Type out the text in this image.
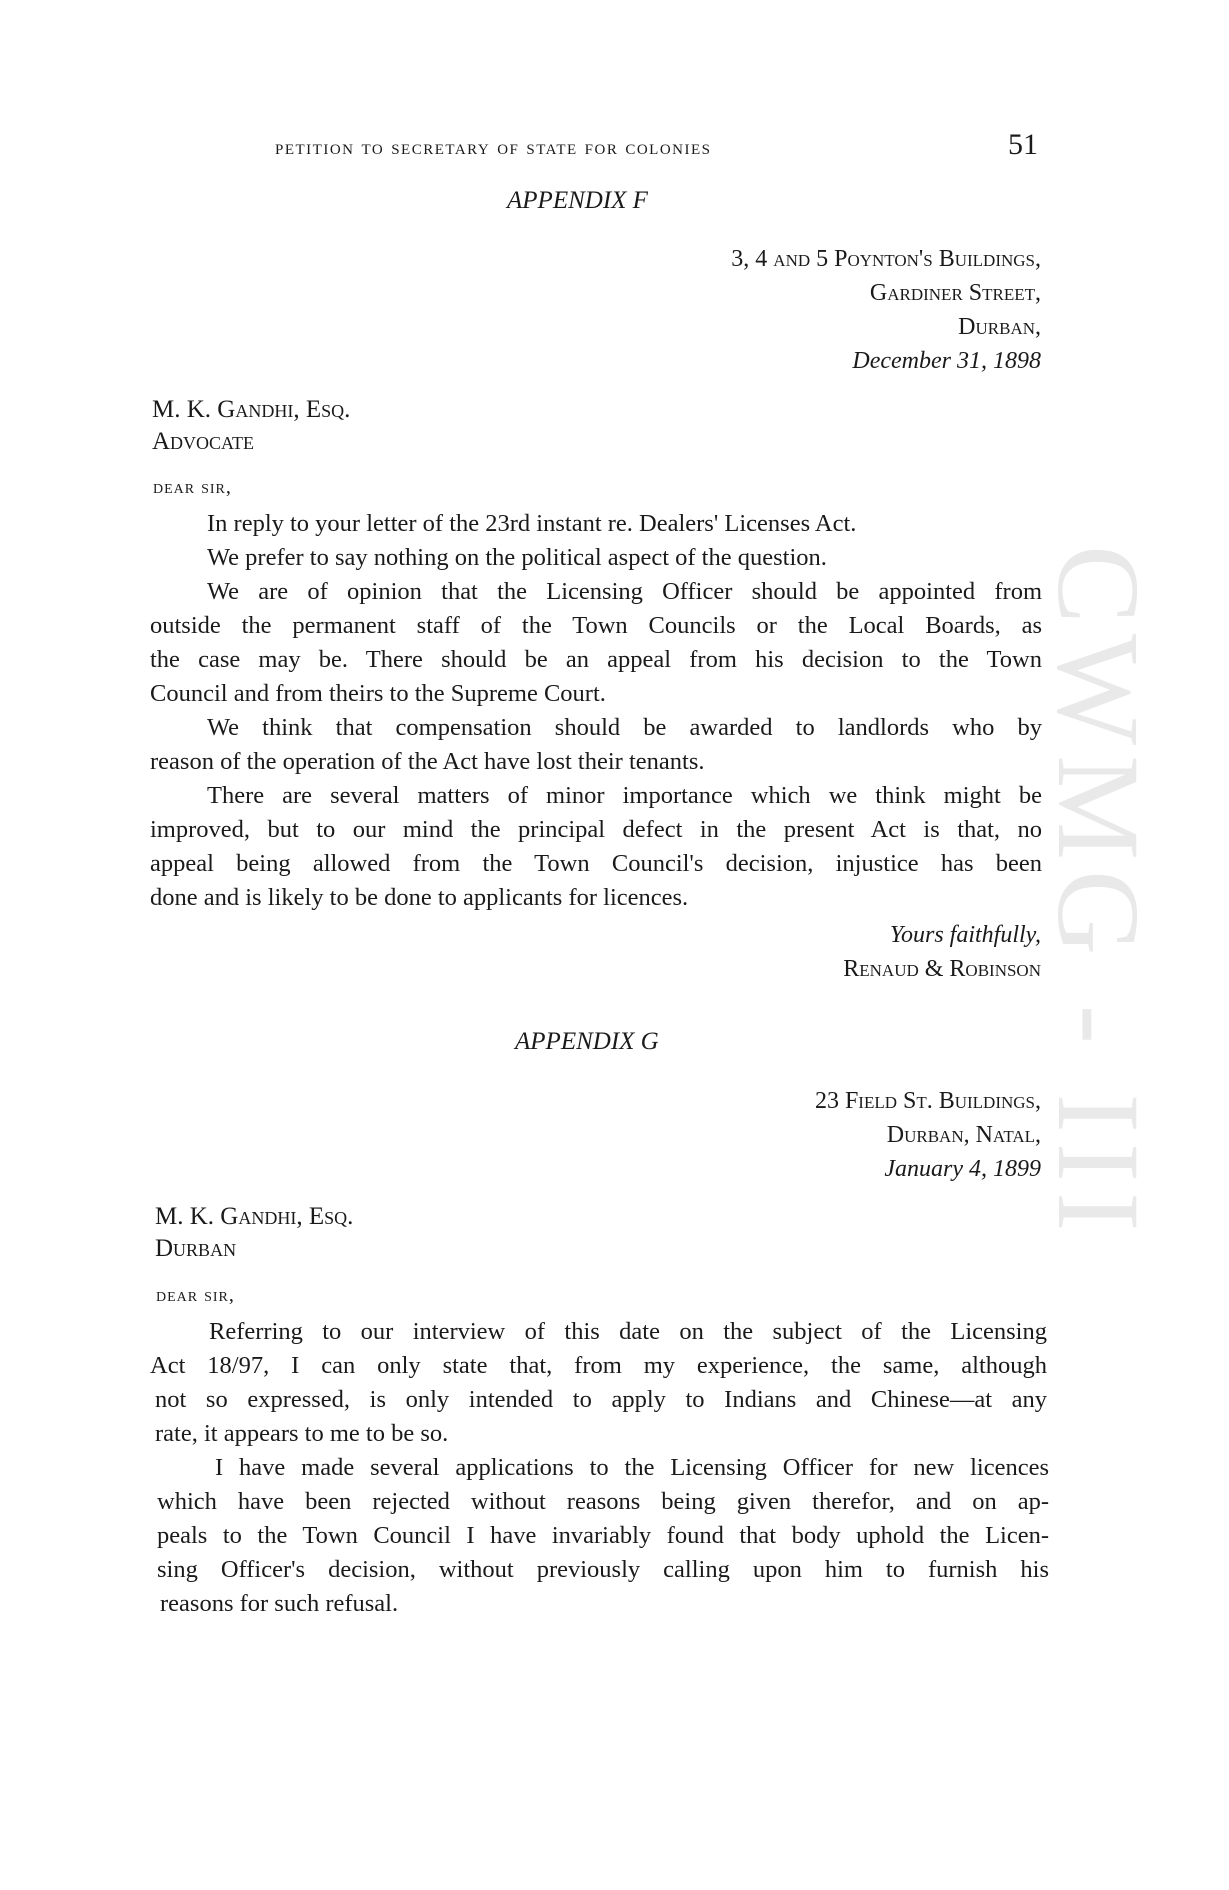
CWMG - III
petition to secretary of state for colonies	51
APPENDIX F
3, 4 and 5 Poynton's Buildings,
Gardiner Street,
Durban,
December 31, 1898
M. K. Gandhi, Esq.
Advocate
dear sir,
In reply to your letter of the 23rd instant re. Dealers' Licenses Act.
We prefer to say nothing on the political aspect of the question.
We are of opinion that the Licensing Officer should be appointed from
outside the permanent staff of the Town Councils or the Local Boards, as
the case may be. There should be an appeal from his decision to the Town
Council and from theirs to the Supreme Court.
We think that compensation should be awarded to landlords who by
reason of the operation of the Act have lost their tenants.
There are several matters of minor importance which we think might be
improved, but to our mind the principal defect in the present Act is that, no
appeal being allowed from the Town Council's decision, injustice has been
done and is likely to be done to applicants for licences.
Yours faithfully,
Renaud & Robinson
APPENDIX G
23 Field St. Buildings,
Durban, Natal,
January 4, 1899
M. K. Gandhi, Esq.
Durban
dear sir,
Referring to our interview of this date on the subject of the Licensing
Act 18/97, I can only state that, from my experience, the same, although
not so expressed, is only intended to apply to Indians and Chinese—at any
rate, it appears to me to be so.
I have made several applications to the Licensing Officer for new licences
which have been rejected without reasons being given therefor, and on ap-
peals to the Town Council I have invariably found that body uphold the Licen-
sing Officer's decision, without previously calling upon him to furnish his
reasons for such refusal.
